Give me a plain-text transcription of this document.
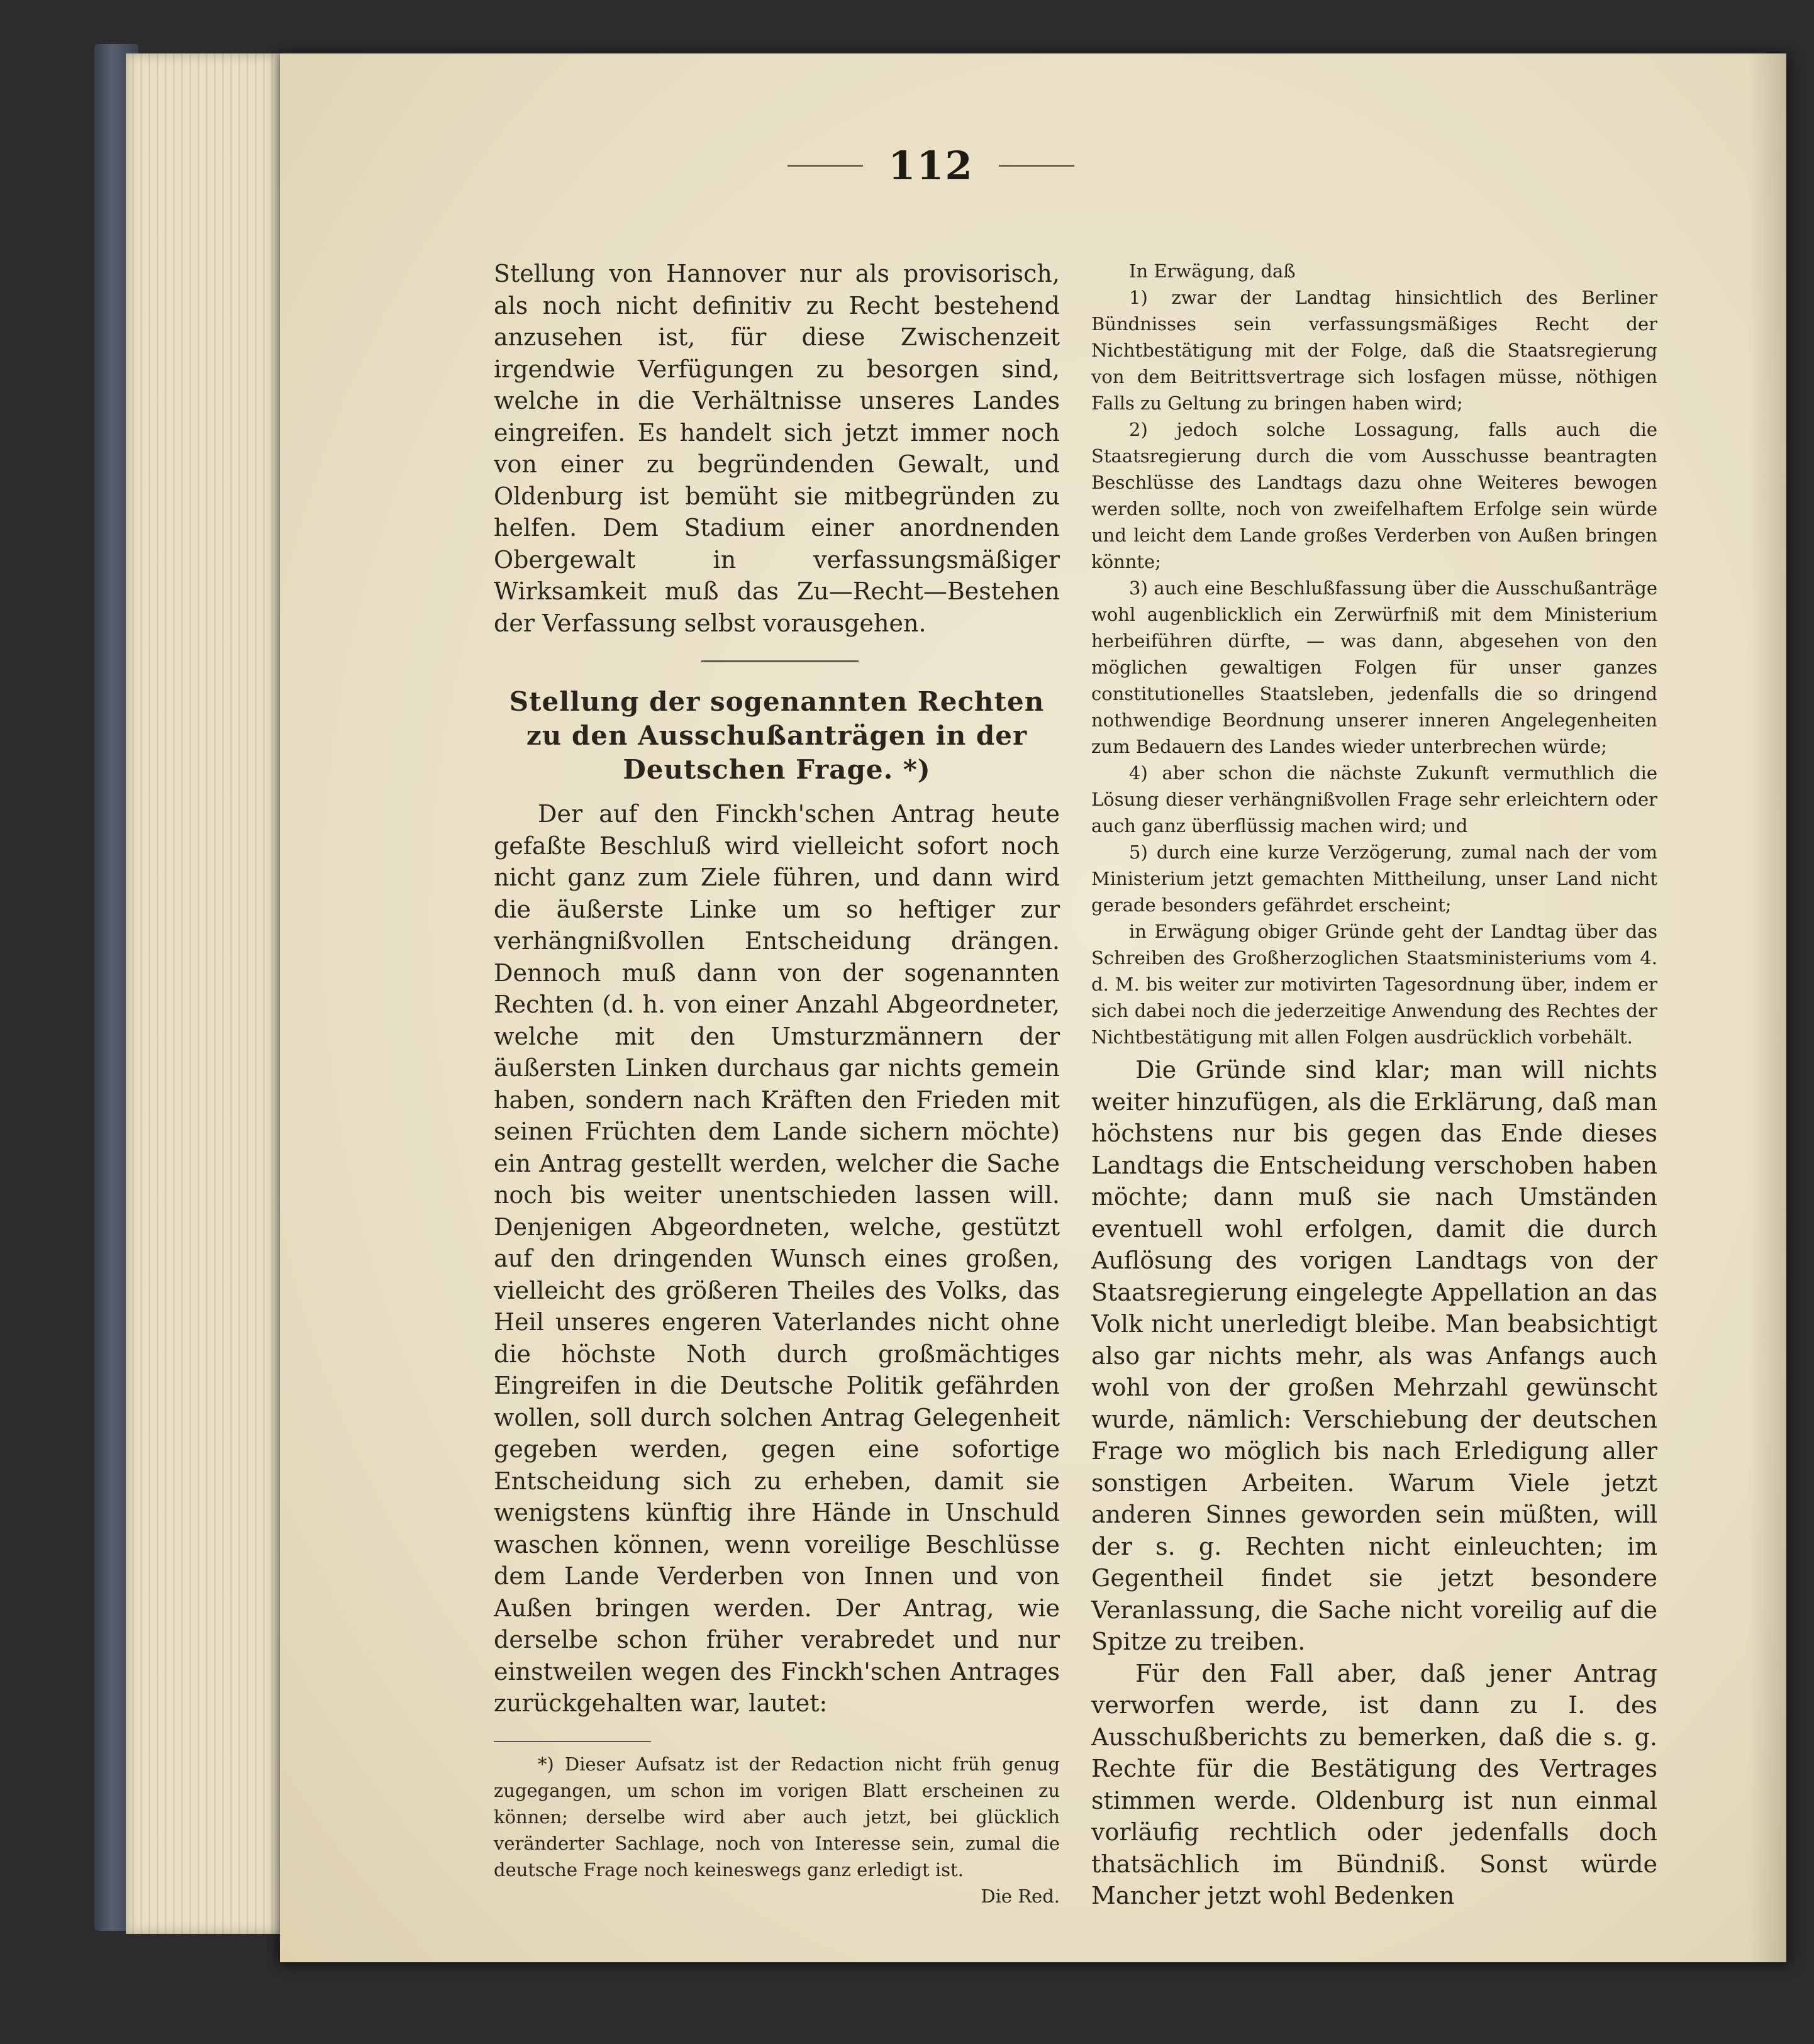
112

Stellung von Hannover nur als provisorisch, als noch nicht definitiv zu Recht bestehend anzusehen ist, für diese Zwischenzeit irgendwie Verfügungen zu besorgen sind, welche in die Verhältnisse unseres Landes eingreifen. Es handelt sich jetzt immer noch von einer zu begründenden Gewalt, und Oldenburg ist bemüht sie mitbegründen zu helfen. Dem Stadium einer anordnenden Obergewalt in verfassungsmäßiger Wirksamkeit muß das Zu—Recht—Bestehen der Verfassung selbst vorausgehen.

Stellung der sogenannten Rechten zu den Ausschußanträgen in der Deutschen Frage. *)

Der auf den Finckh'schen Antrag heute gefaßte Beschluß wird vielleicht sofort noch nicht ganz zum Ziele führen, und dann wird die äußerste Linke um so heftiger zur verhängnißvollen Entscheidung drängen. Dennoch muß dann von der sogenannten Rechten (d. h. von einer Anzahl Abgeordneter, welche mit den Umsturzmännern der äußersten Linken durchaus gar nichts gemein haben, sondern nach Kräften den Frieden mit seinen Früchten dem Lande sichern möchte) ein Antrag gestellt werden, welcher die Sache noch bis weiter unentschieden lassen will. Denjenigen Abgeordneten, welche, gestützt auf den dringenden Wunsch eines großen, vielleicht des größeren Theiles des Volks, das Heil unseres engeren Vaterlandes nicht ohne die höchste Noth durch großmächtiges Eingreifen in die Deutsche Politik gefährden wollen, soll durch solchen Antrag Gelegenheit gegeben werden, gegen eine sofortige Entscheidung sich zu erheben, damit sie wenigstens künftig ihre Hände in Unschuld waschen können, wenn voreilige Beschlüsse dem Lande Verderben von Innen und von Außen bringen werden. Der Antrag, wie derselbe schon früher verabredet und nur einstweilen wegen des Finckh'schen Antrages zurückgehalten war, lautet:

*) Dieser Aufsatz ist der Redaction nicht früh genug zugegangen, um schon im vorigen Blatt erscheinen zu können; derselbe wird aber auch jetzt, bei glücklich veränderter Sachlage, noch von Interesse sein, zumal die deutsche Frage noch keineswegs ganz erledigt ist.
Die Red.

In Erwägung, daß

1) zwar der Landtag hinsichtlich des Berliner Bündnisses sein verfassungsmäßiges Recht der Nichtbestätigung mit der Folge, daß die Staatsregierung von dem Beitrittsvertrage sich losfagen müsse, nöthigen Falls zu Geltung zu bringen haben wird;

2) jedoch solche Lossagung, falls auch die Staatsregierung durch die vom Ausschusse beantragten Beschlüsse des Landtags dazu ohne Weiteres bewogen werden sollte, noch von zweifelhaftem Erfolge sein würde und leicht dem Lande großes Verderben von Außen bringen könnte;

3) auch eine Beschlußfassung über die Ausschußanträge wohl augenblicklich ein Zerwürfniß mit dem Ministerium herbeiführen dürfte, — was dann, abgesehen von den möglichen gewaltigen Folgen für unser ganzes constitutionelles Staatsleben, jedenfalls die so dringend nothwendige Beordnung unserer inneren Angelegenheiten zum Bedauern des Landes wieder unterbrechen würde;

4) aber schon die nächste Zukunft vermuthlich die Lösung dieser verhängnißvollen Frage sehr erleichtern oder auch ganz überflüssig machen wird; und

5) durch eine kurze Verzögerung, zumal nach der vom Ministerium jetzt gemachten Mittheilung, unser Land nicht gerade besonders gefährdet erscheint;

in Erwägung obiger Gründe geht der Landtag über das Schreiben des Großherzoglichen Staatsministeriums vom 4. d. M. bis weiter zur motivirten Tagesordnung über, indem er sich dabei noch die jederzeitige Anwendung des Rechtes der Nichtbestätigung mit allen Folgen ausdrücklich vorbehält.

Die Gründe sind klar; man will nichts weiter hinzufügen, als die Erklärung, daß man höchstens nur bis gegen das Ende dieses Landtags die Entscheidung verschoben haben möchte; dann muß sie nach Umständen eventuell wohl erfolgen, damit die durch Auflösung des vorigen Landtags von der Staatsregierung eingelegte Appellation an das Volk nicht unerledigt bleibe. Man beabsichtigt also gar nichts mehr, als was Anfangs auch wohl von der großen Mehrzahl gewünscht wurde, nämlich: Verschiebung der deutschen Frage wo möglich bis nach Erledigung aller sonstigen Arbeiten. Warum Viele jetzt anderen Sinnes geworden sein müßten, will der s. g. Rechten nicht einleuchten; im Gegentheil findet sie jetzt besondere Veranlassung, die Sache nicht voreilig auf die Spitze zu treiben.

Für den Fall aber, daß jener Antrag verworfen werde, ist dann zu I. des Ausschußberichts zu bemerken, daß die s. g. Rechte für die Bestätigung des Vertrages stimmen werde. Oldenburg ist nun einmal vorläufig rechtlich oder jedenfalls doch thatsächlich im Bündniß. Sonst würde Mancher jetzt wohl Bedenken
